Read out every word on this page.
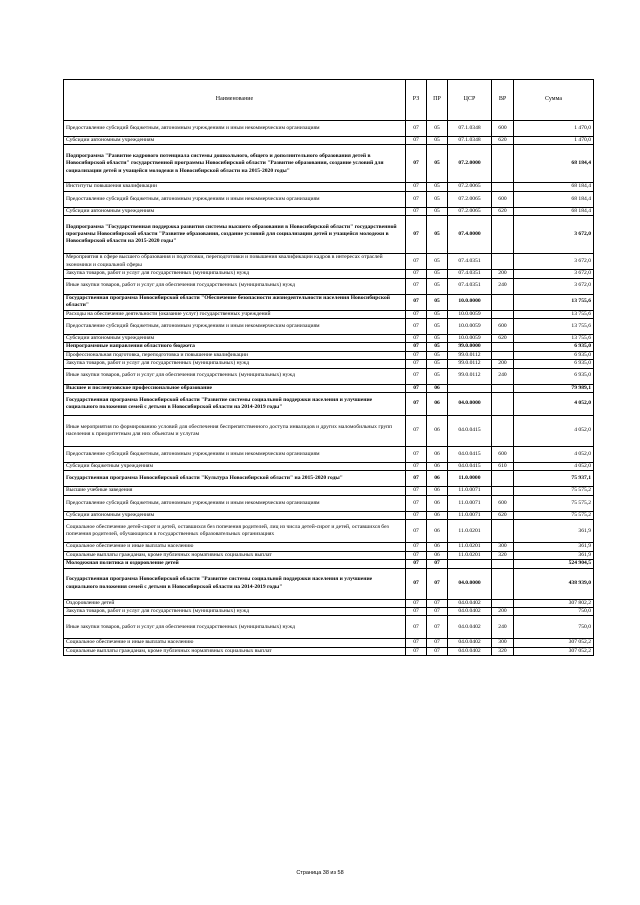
Наименование	РЗ	ПР	ЦСР	ВР	Сумма
Предоставление субсидий бюджетным, автономным учреждениям и иным некоммерческим организациям	07	05	07.1.0348	600	1 470,0
Субсидии автономным учреждениям	07	05	07.1.0348	620	1 470,0
Подпрограмма "Развитие кадрового потенциала системы дошкольного, общего и дополнительного образования детей в Новосибирской области" государственной программы Новосибирской области "Развитие образования, создание условий для социализации детей и учащейся молодежи в Новосибирской области на 2015-2020 годы"	07	05	07.2.0000		68 184,4
Институты повышения квалификации	07	05	07.2.0065		68 184,4
Предоставление субсидий бюджетным, автономным учреждениям и иным некоммерческим организациям	07	05	07.2.0065	600	68 184,4
Субсидии автономным учреждениям	07	05	07.2.0065	620	68 184,4
Подпрограмма "Государственная поддержка развития системы высшего образования в Новосибирской области" государственной программы Новосибирской области "Развитие образования, создание условий для социализации детей и учащейся молодежи в Новосибирской области на 2015-2020 годы"	07	05	07.4.0000		3 672,0
Мероприятия в сфере высшего образования и подготовки, переподготовки и повышения квалификации кадров в интересах отраслей экономики и социальной сферы	07	05	07.4.0351		3 672,0
Закупка товаров, работ и услуг для государственных (муниципальных) нужд	07	05	07.4.0351	200	3 672,0
Иные закупки товаров, работ и услуг для обеспечения государственных (муниципальных) нужд	07	05	07.4.0351	240	3 672,0
Государственная программа Новосибирской области "Обеспечение безопасности жизнедеятельности населения Новосибирской области"	07	05	10.0.0000		13 755,6
Расходы на обеспечение деятельности (оказание услуг) государственных учреждений	07	05	10.0.0059		13 755,6
Предоставление субсидий бюджетным, автономным учреждениям и иным некоммерческим организациям	07	05	10.0.0059	600	13 755,6
Субсидии автономным учреждениям	07	05	10.0.0059	620	13 755,6
Непрограммные направления областного бюджета	07	05	99.0.0000		6 935,0
Профессиональная подготовка, переподготовка и повышение квалификации	07	05	99.0.0112		6 935,0
Закупка товаров, работ и услуг для государственных (муниципальных) нужд	07	05	99.0.0112	200	6 935,0
Иные закупки товаров, работ и услуг для обеспечения государственных (муниципальных) нужд	07	05	99.0.0112	240	6 935,0
Высшее и послевузовское профессиональное образование	07	06			79 989,1
Государственная программа Новосибирской области "Развитие системы социальной поддержки населения и улучшение социального положения семей с детьми в Новосибирской области на 2014-2019 годы"	07	06	04.0.0000		4 052,0
Иные мероприятия по формированию условий для обеспечения беспрепятственного доступа инвалидов и других маломобильных групп населения к приоритетным для них объектам и услугам	07	06	04.0.0415		4 052,0
Предоставление субсидий бюджетным, автономным учреждениям и иным некоммерческим организациям	07	06	04.0.0415	600	4 052,0
Субсидии бюджетным учреждениям	07	06	04.0.0415	610	4 052,0
Государственная программа Новосибирской области "Культура Новосибирской области" на 2015-2020 годы"	07	06	11.0.0000		75 937,1
Высшие учебные заведения	07	06	11.0.0071		75 575,2
Предоставление субсидий бюджетным, автономным учреждениям и иным некоммерческим организациям	07	06	11.0.0071	600	75 575,2
Субсидии автономным учреждениям	07	06	11.0.0071	620	75 575,2
Социальное обеспечение детей-сирот и детей, оставшихся без попечения родителей, лиц из числа детей-сирот и детей, оставшихся без попечения родителей, обучающихся в государственных образовательных организациях	07	06	11.0.0201		361,9
Социальное обеспечение и иные выплаты населению	07	06	11.0.0201	300	361,9
Социальные выплаты гражданам, кроме публичных нормативных социальных выплат	07	06	11.0.0201	320	361,9
Молодежная политика и оздоровление детей	07	07			524 904,5
Государственная программа Новосибирской области "Развитие системы социальной поддержки населения и улучшение социального положения семей с детьми в Новосибирской области на 2014-2019 годы"	07	07	04.0.0000		438 939,0
Оздоровление детей	07	07	04.0.0402		307 802,2
Закупка товаров, работ и услуг для государственных (муниципальных) нужд	07	07	04.0.0402	200	750,0
Иные закупки товаров, работ и услуг для обеспечения государственных (муниципальных) нужд	07	07	04.0.0402	240	750,0
Социальное обеспечение и иные выплаты населению	07	07	04.0.0402	300	307 052,2
Социальные выплаты гражданам, кроме публичных нормативных социальных выплат	07	07	04.0.0402	320	307 052,2
Страница 38 из 58
